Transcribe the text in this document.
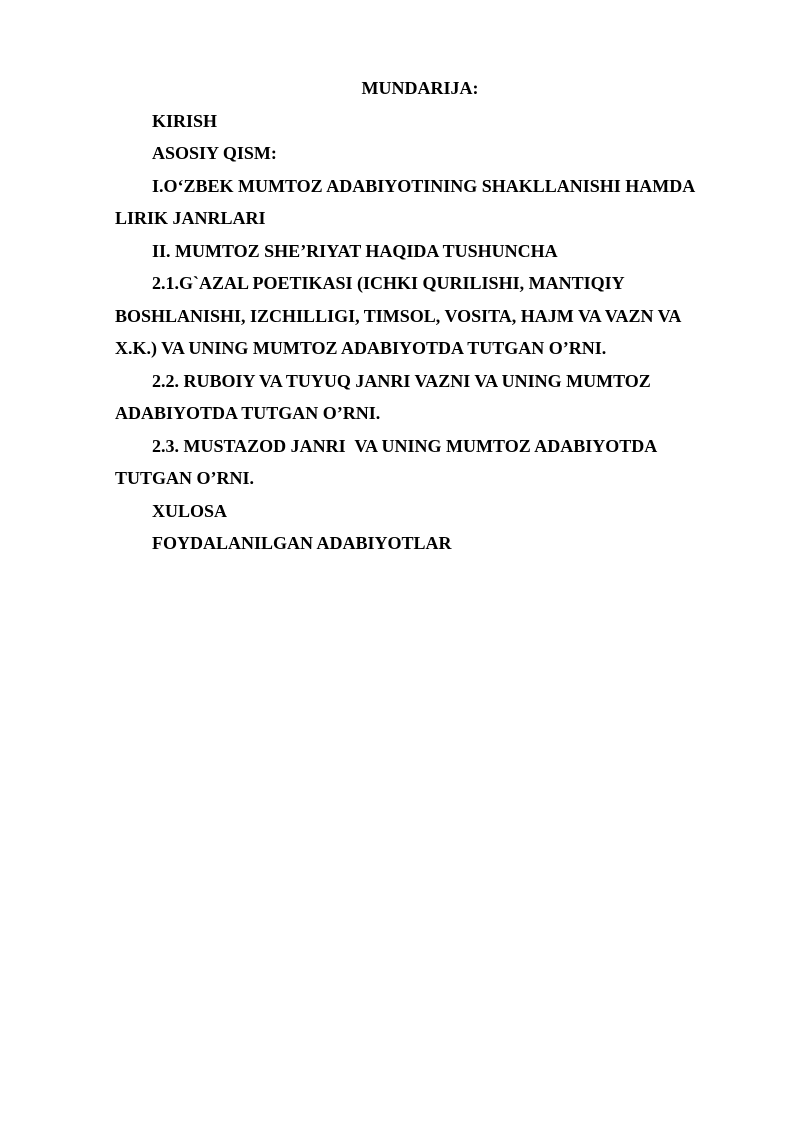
MUNDARIJA:

KIRISH

ASOSIY QISM:

I.O‘ZBEK MUMTOZ ADABIYOTINING SHAKLLANISHI HAMDA LIRIK JANRLARI

II. MUMTOZ SHE’RIYAT HAQIDA TUSHUNCHA

2.1.G`AZAL POETIKASI (ICHKI QURILISHI, MANTIQIY BOSHLANISHI, IZCHILLIGI, TIMSOL, VOSITA, HAJM VA VAZN VA X.K.) VA UNING MUMTOZ ADABIYOTDA TUTGAN O’RNI.

2.2. RUBOIY VA TUYUQ JANRI VAZNI VA UNING MUMTOZ ADABIYOTDA TUTGAN O’RNI.

2.3. MUSTAZOD JANRI  VA UNING MUMTOZ ADABIYOTDA TUTGAN O’RNI.

XULOSA

FOYDALANILGAN ADABIYOTLAR
